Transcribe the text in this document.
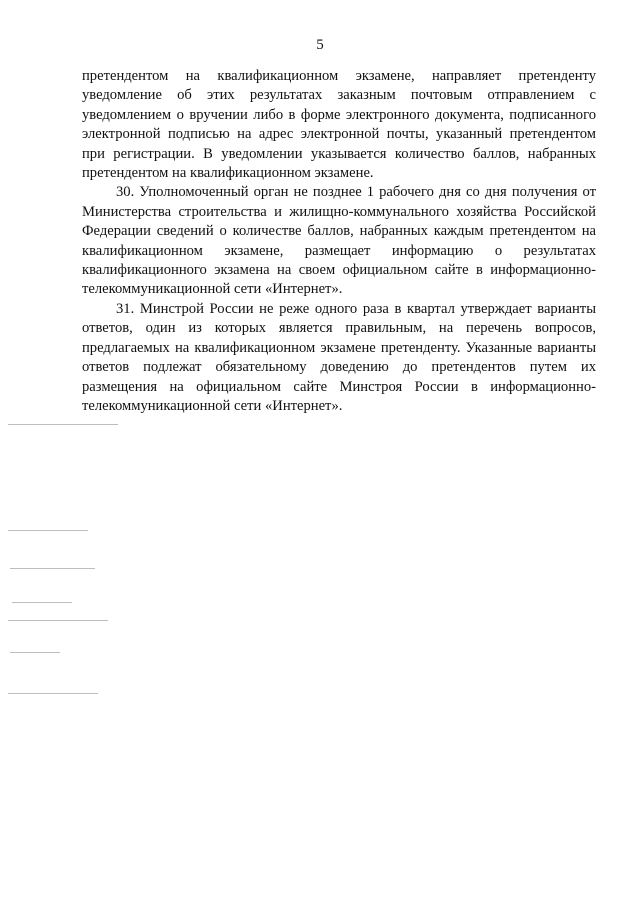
5

претендентом на квалификационном экзамене, направляет претенденту уведомление об этих результатах заказным почтовым отправлением с уведомлением о вручении либо в форме электронного документа, подписанного электронной подписью на адрес электронной почты, указанный претендентом при регистрации. В уведомлении указывается количество баллов, набранных претендентом на квалификационном экзамене.

30. Уполномоченный орган не позднее 1 рабочего дня со дня получения от Министерства строительства и жилищно-коммунального хозяйства Российской Федерации сведений о количестве баллов, набранных каждым претендентом на квалификационном экзамене, размещает информацию о результатах квалификационного экзамена на своем официальном сайте в информационно-телекоммуникационной сети «Интернет».

31. Минстрой России не реже одного раза в квартал утверждает варианты ответов, один из которых является правильным, на перечень вопросов, предлагаемых на квалификационном экзамене претенденту. Указанные варианты ответов подлежат обязательному доведению до претендентов путем их размещения на официальном сайте Минстроя России в информационно-телекоммуникационной сети «Интернет».
